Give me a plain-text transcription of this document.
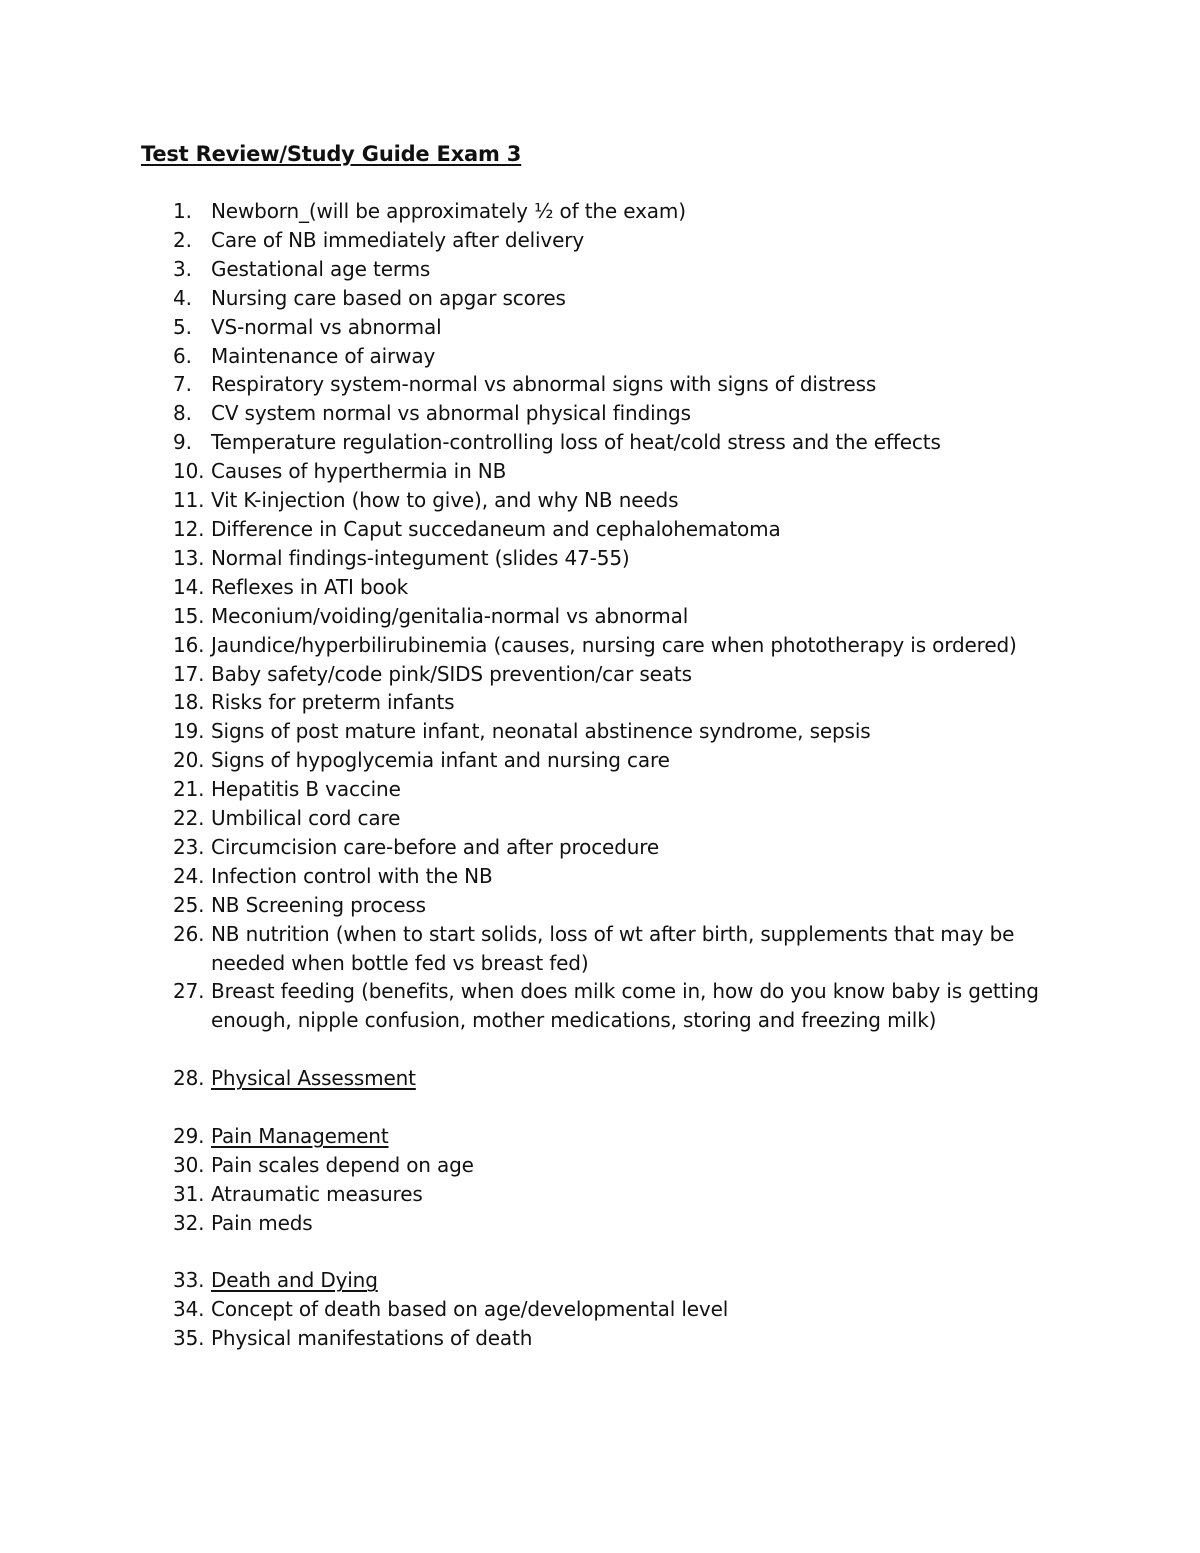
Test Review/Study Guide Exam 3
1. Newborn_(will be approximately ½ of the exam)
2. Care of NB immediately after delivery
3. Gestational age terms
4. Nursing care based on apgar scores
5. VS-normal vs abnormal
6. Maintenance of airway
7. Respiratory system-normal vs abnormal signs with signs of distress
8. CV system normal vs abnormal physical findings
9. Temperature regulation-controlling loss of heat/cold stress and the effects
10. Causes of hyperthermia in NB
11. Vit K-injection (how to give), and why NB needs
12. Difference in Caput succedaneum and cephalohematoma
13. Normal findings-integument (slides 47-55)
14. Reflexes in ATI book
15. Meconium/voiding/genitalia-normal vs abnormal
16. Jaundice/hyperbilirubinemia (causes, nursing care when phototherapy is ordered)
17. Baby safety/code pink/SIDS prevention/car seats
18. Risks for preterm infants
19. Signs of post mature infant, neonatal abstinence syndrome, sepsis
20. Signs of hypoglycemia infant and nursing care
21. Hepatitis B vaccine
22. Umbilical cord care
23. Circumcision care-before and after procedure
24. Infection control with the NB
25. NB Screening process
26. NB nutrition (when to start solids, loss of wt after birth, supplements that may be needed when bottle fed vs breast fed)
27. Breast feeding (benefits, when does milk come in, how do you know baby is getting enough, nipple confusion, mother medications, storing and freezing milk)
28. Physical Assessment
29. Pain Management
30. Pain scales depend on age
31. Atraumatic measures
32. Pain meds
33. Death and Dying
34. Concept of death based on age/developmental level
35. Physical manifestations of death
